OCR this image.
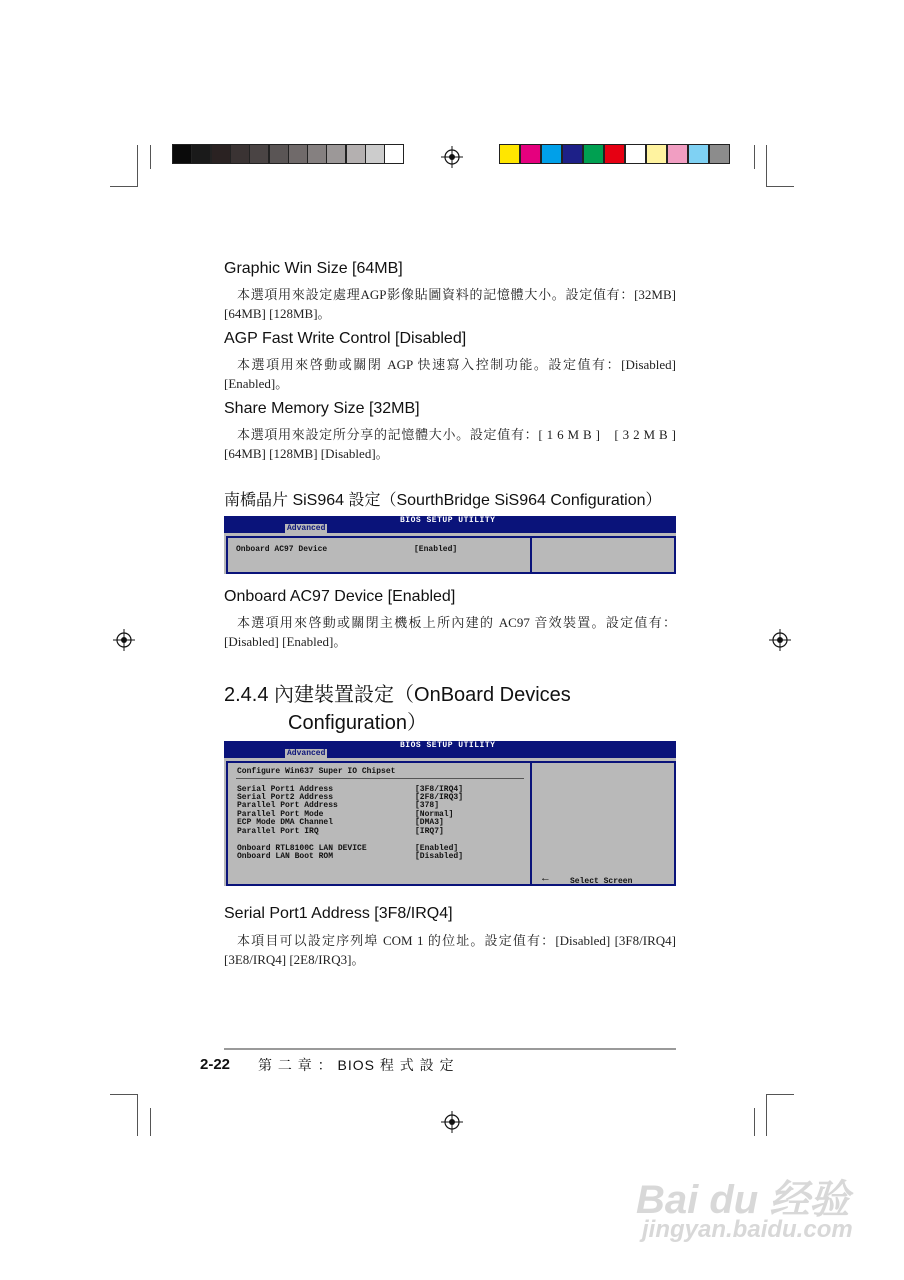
Graphic Win Size [64MB]

本選項用來設定處理AGP影像貼圖資料的記憶體大小。設定值有：[32MB] [64MB] [128MB]。

AGP Fast Write Control [Disabled]

本選項用來啓動或關閉 AGP 快速寫入控制功能。設定值有：[Disabled] [Enabled]。

Share Memory Size [32MB]

本選項用來設定所分享的記憶體大小。設定值有：[ 1 6 M B ]　[ 3 2 M B ] [64MB] [128MB] [Disabled]。

南橋晶片 SiS964 設定（SourthBridge SiS964 Configuration）
BIOS SETUP UTILITY
Advanced
Onboard AC97 Device	[Enabled]
Onboard AC97 Device [Enabled]

本選項用來啓動或關閉主機板上所內建的 AC97 音效裝置。設定值有：[Disabled] [Enabled]。

2.4.4 內建裝置設定（OnBoard Devices
Configuration）
BIOS SETUP UTILITY
Advanced
Configure Win637 Super IO Chipset
Serial Port1 Address	[3F8/IRQ4]
Serial Port2 Address	[2F8/IRQ3]
Parallel Port Address	[378]
Parallel Port Mode	[Normal]
ECP Mode DMA Channel	[DMA3]
Parallel Port IRQ	[IRQ7]
Onboard RTL8100C LAN DEVICE	[Enabled]
Onboard LAN Boot ROM	[Disabled]
←	Select Screen
Serial Port1 Address [3F8/IRQ4]

本項目可以設定序列埠 COM 1 的位址。設定值有：[Disabled] [3F8/IRQ4] [3E8/IRQ4] [2E8/IRQ3]。

2-22 第 二 章 ： BIOS 程 式 設 定
Bai du 经验
jingyan.baidu.com
